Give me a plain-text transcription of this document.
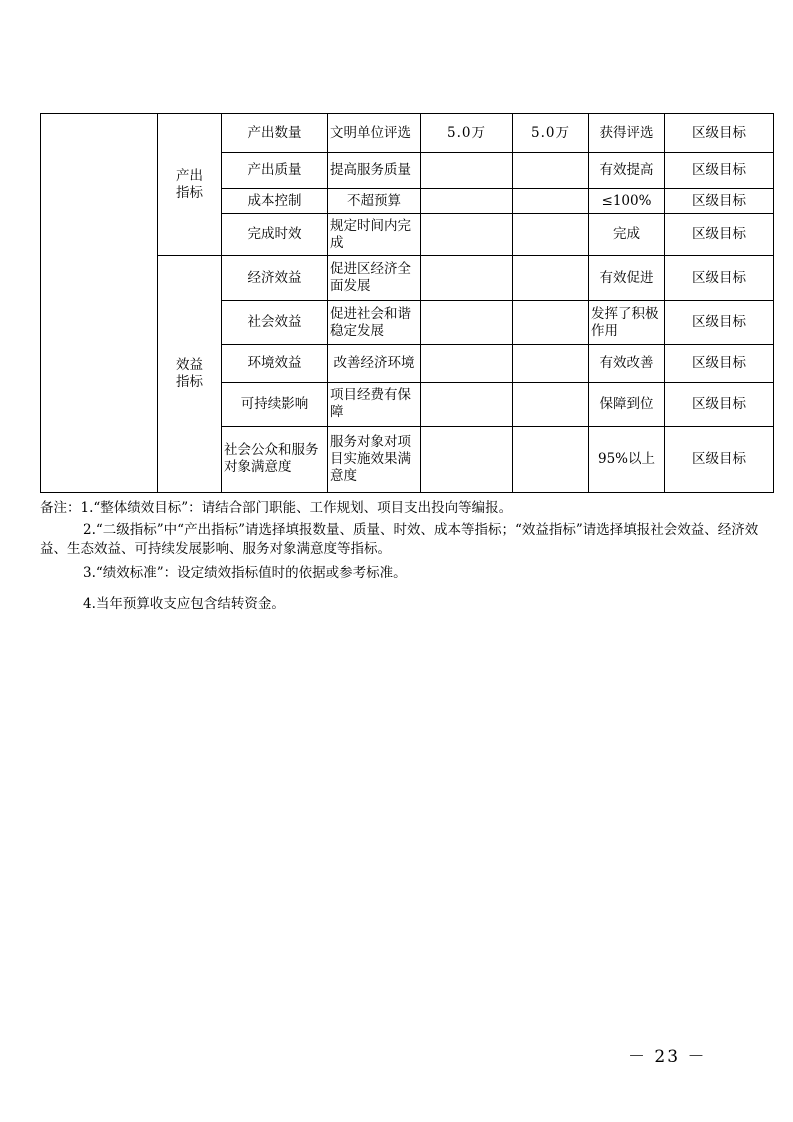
	产出指标	产出数量	文明单位评选	5.0万	5.0万	获得评选	区级目标
		产出质量	提高服务质量			有效提高	区级目标
		成本控制	不超预算			≤100%	区级目标
		完成时效	规定时间内完成			完成	区级目标
	效益指标	经济效益	促进区经济全面发展			有效促进	区级目标
		社会效益	促进社会和谐稳定发展			发挥了积极作用	区级目标
		环境效益	改善经济环境			有效改善	区级目标
		可持续影响	项目经费有保障			保障到位	区级目标
		社会公众和服务对象满意度	服务对象对项目实施效果满意度			95%以上	区级目标

备注：1.“整体绩效目标”：请结合部门职能、工作规划、项目支出投向等编报。

2.“二级指标”中“产出指标”请选择填报数量、质量、时效、成本等指标；“效益指标”请选择填报社会效益、经济效益、生态效益、可持续发展影响、服务对象满意度等指标。

3.“绩效标准”：设定绩效指标值时的依据或参考标准。

4.当年预算收支应包含结转资金。

－ 23 －
